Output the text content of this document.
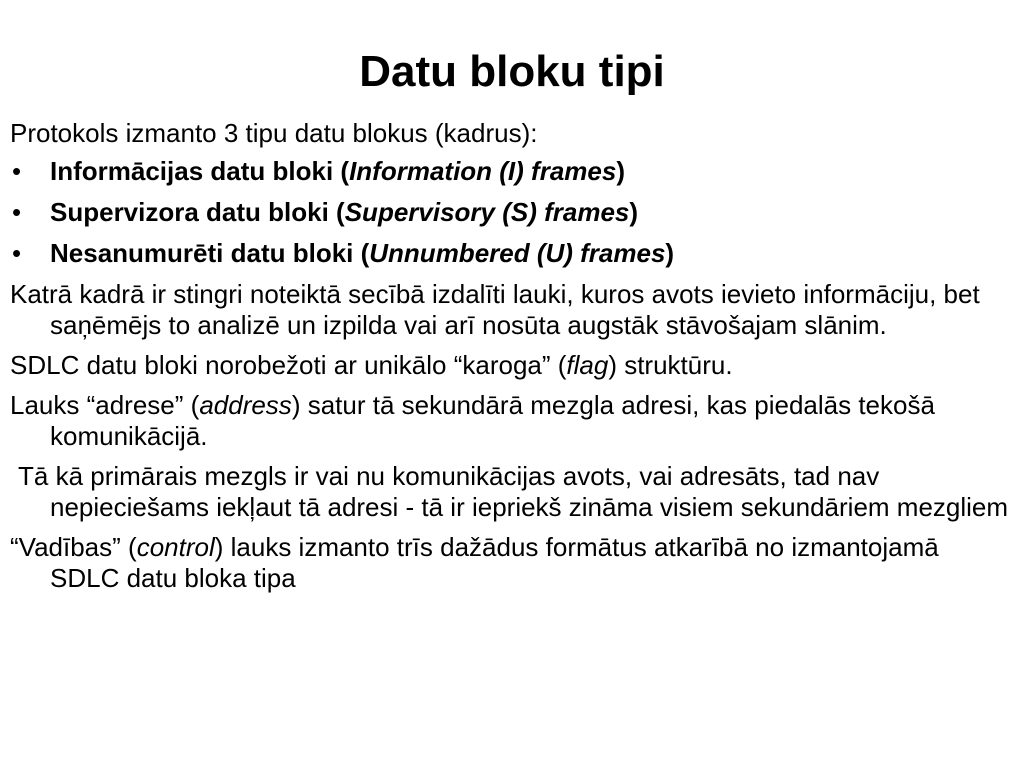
Datu bloku tipi

Protokols izmanto 3 tipu datu blokus (kadrus):

• Informācijas datu bloki (Information (I) frames)

• Supervizora datu bloki (Supervisory (S) frames)

• Nesanumurēti datu bloki (Unnumbered (U) frames)

Katrā kadrā ir stingri noteiktā secībā izdalīti lauki, kuros avots ievieto informāciju, bet saņēmējs to analizē un izpilda vai arī nosūta augstāk stāvošajam slānim.

SDLC datu bloki norobežoti ar unikālo “karoga” (flag) struktūru.

Lauks “adrese” (address) satur tā sekundārā mezgla adresi, kas piedalās tekošā komunikācijā.

Tā kā primārais mezgls ir vai nu komunikācijas avots, vai adresāts, tad nav nepieciešams iekļaut tā adresi - tā ir iepriekš zināma visiem sekundāriem mezgliem

“Vadības” (control) lauks izmanto trīs dažādus formātus atkarībā no izmantojamā SDLC datu bloka tipa
